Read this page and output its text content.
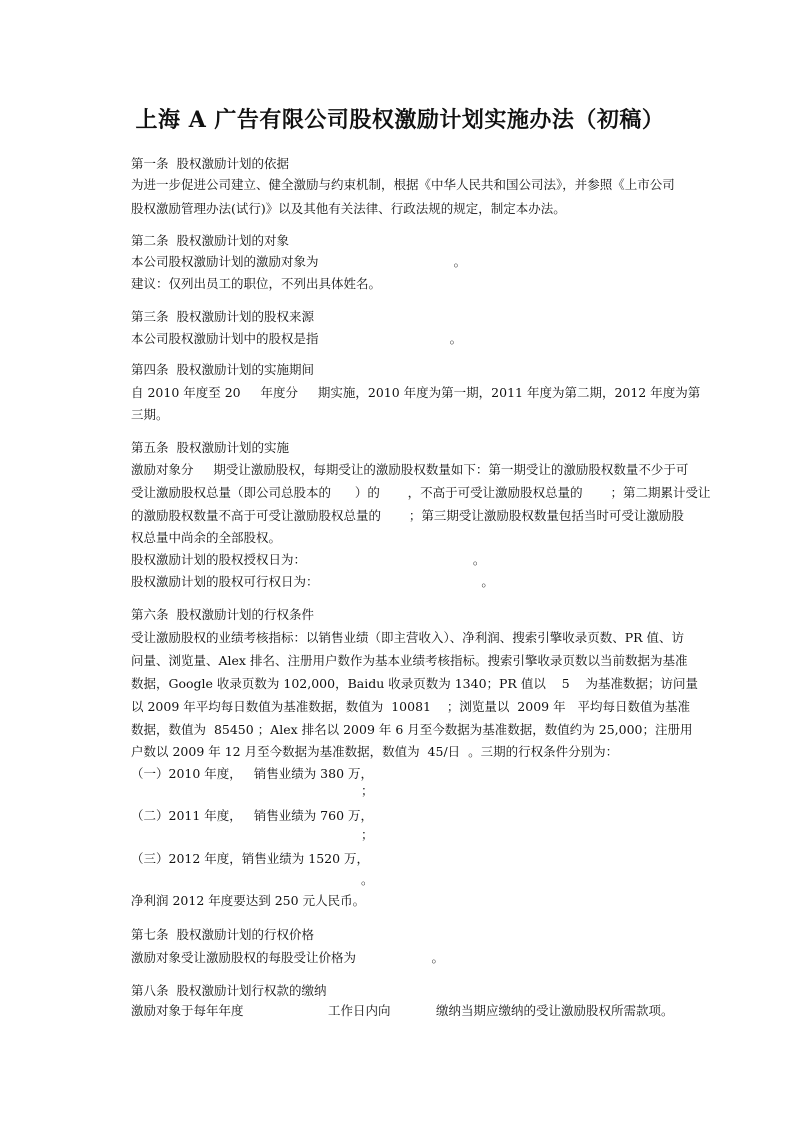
上海 A 广告有限公司股权激励计划实施办法（初稿）
第一条  股权激励计划的依据
为进一步促进公司建立、健全激励与约束机制，根据《中华人民共和国公司法》，并参照《上市公司
股权激励管理办法(试行)》以及其他有关法律、行政法规的规定，制定本办法。
第二条  股权激励计划的对象
本公司股权激励计划的激励对象为                                  。
建议：仅列出员工的职位，不列出具体姓名。
第三条  股权激励计划的股权来源
本公司股权激励计划中的股权是指                                 。
第四条  股权激励计划的实施期间
自 2010 年度至 20     年度分     期实施，2010 年度为第一期，2011 年度为第二期，2012 年度为第
三期。
第五条  股权激励计划的实施
激励对象分     期受让激励股权，每期受让的激励股权数量如下：第一期受让的激励股权数量不少于可
受让激励股权总量（即公司总股本的      ）的       ，不高于可受让激励股权总量的       ；第二期累计受让
的激励股权数量不高于可受让激励股权总量的       ；第三期受让激励股权数量包括当时可受让激励股
权总量中尚余的全部股权。
股权激励计划的股权授权日为：                                          。
股权激励计划的股权可行权日为：                                         。
第六条  股权激励计划的行权条件
受让激励股权的业绩考核指标：以销售业绩（即主营收入）、净利润、搜索引擎收录页数、PR 值、访
问量、浏览量、Alex 排名、注册用户数作为基本业绩考核指标。搜索引擎收录页数以当前数据为基准
数据，Google 收录页数为 102,000，Baidu 收录页数为 1340；PR 值以    5    为基准数据；访问量
以 2009 年平均每日数值为基准数据，数值为  10081    ；浏览量以  2009 年   平均每日数值为基准
数据，数值为  85450 ；Alex 排名以 2009 年 6 月至今数据为基准数据，数值约为 25,000；注册用
户数以 2009 年 12 月至今数据为基准数据，数值为  45/日  。三期的行权条件分别为：
（一）2010 年度，   销售业绩为 380 万，
；
（二）2011 年度，   销售业绩为 760 万，
；
（三）2012 年度，销售业绩为 1520 万，
。
净利润 2012 年度要达到 250 元人民币。
第七条  股权激励计划的行权价格
激励对象受让激励股权的每股受让价格为                   。
第八条  股权激励计划行权款的缴纳
激励对象于每年年度	工作日内向	缴纳当期应缴纳的受让激励股权所需款项。
